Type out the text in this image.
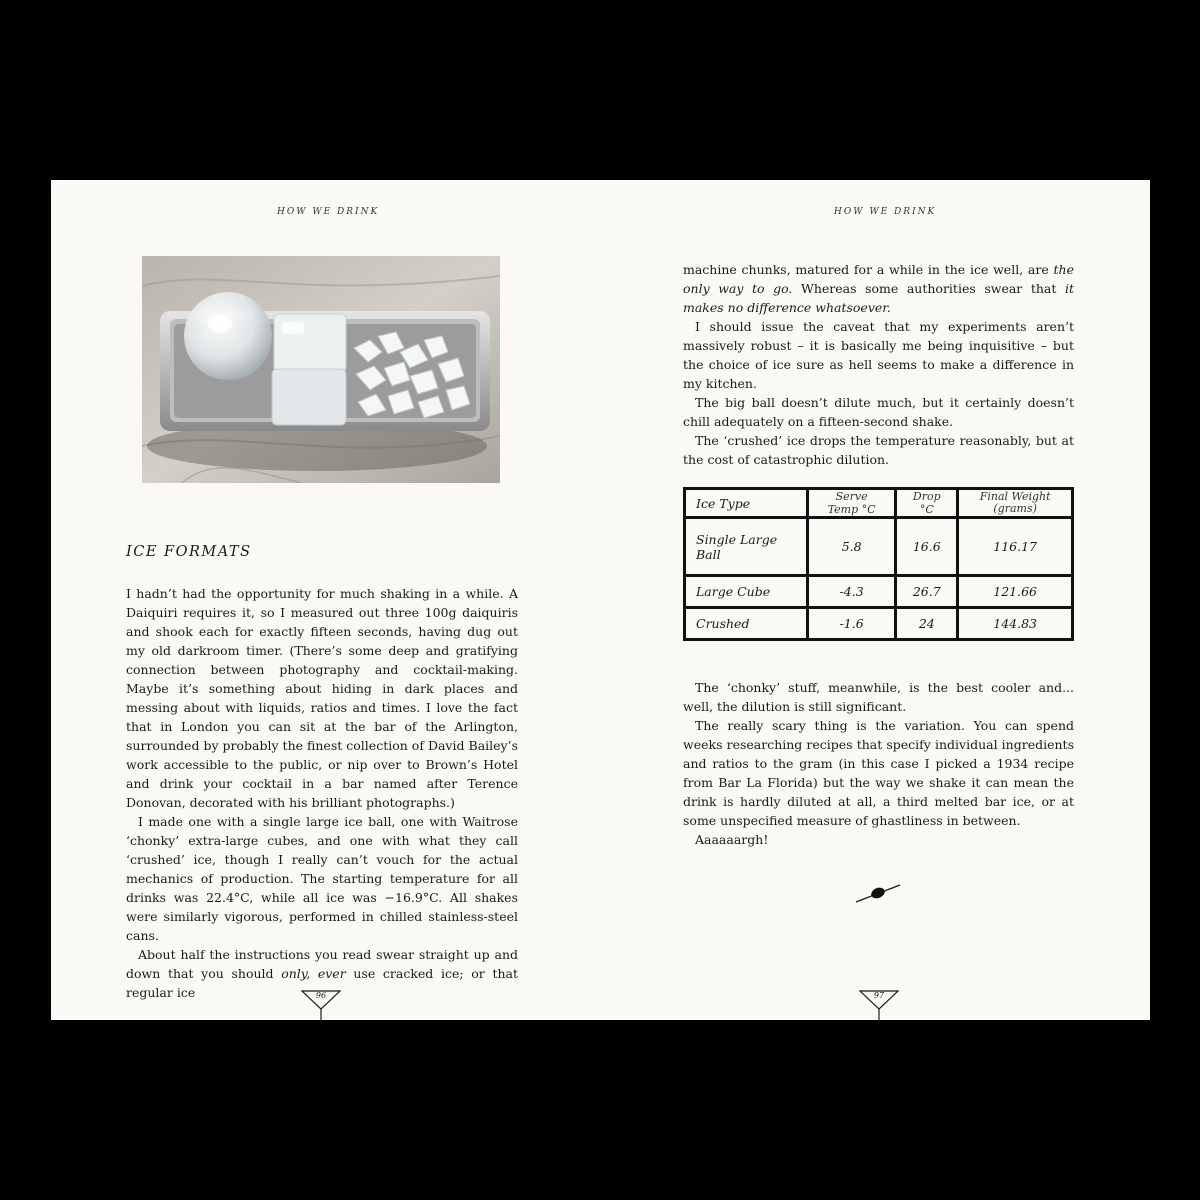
HOW WE DRINK
ICE FORMATS

I hadn’t had the opportunity for much shaking in a while. A Daiquiri requires it, so I measured out three 100g daiquiris and shook each for exactly fifteen seconds, having dug out my old darkroom timer. (There’s some deep and gratifying connection between photography and cocktail-making. Maybe it’s something about hiding in dark places and messing about with liquids, ratios and times. I love the fact that in London you can sit at the bar of the Arlington, surrounded by probably the finest collection of David Bailey’s work accessible to the public, or nip over to Brown’s Hotel and drink your cocktail in a bar named after Terence Donovan, decorated with his brilliant photographs.)

I made one with a single large ice ball, one with Waitrose ‘chonky’ extra-large cubes, and one with what they call ‘crushed’ ice, though I really can’t vouch for the actual mechanics of production. The starting temperature for all drinks was 22.4°C, while all ice was −16.9°C. All shakes were similarly vigorous, performed in chilled stainless-steel cans.

About half the instructions you read swear straight up and down that you should only, ever use cracked ice; or that regular ice	96
HOW WE DRINK

machine chunks, matured for a while in the ice well, are the only way to go. Whereas some authorities swear that it makes no difference whatsoever.

I should issue the caveat that my experiments aren’t massively robust – it is basically me being inquisitive – but the choice of ice sure as hell seems to make a difference in my kitchen.

The big ball doesn’t dilute much, but it certainly doesn’t chill adequately on a fifteen-second shake.

The ‘crushed’ ice drops the temperature reasonably, but at the cost of catastrophic dilution.

Ice Type	Serve Temp °C	Drop °C	Final Weight (grams)
Single Large Ball	5.8	16.6	116.17
Large Cube	-4.3	26.7	121.66
Crushed	-1.6	24	144.83

The ‘chonky’ stuff, meanwhile, is the best cooler and... well, the dilution is still significant.

The really scary thing is the variation. You can spend weeks researching recipes that specify individual ingredients and ratios to the gram (in this case I picked a 1934 recipe from Bar La Florida) but the way we shake it can mean the drink is hardly diluted at all, a third melted bar ice, or at some unspecified measure of ghastliness in between.

Aaaaaargh!

97
